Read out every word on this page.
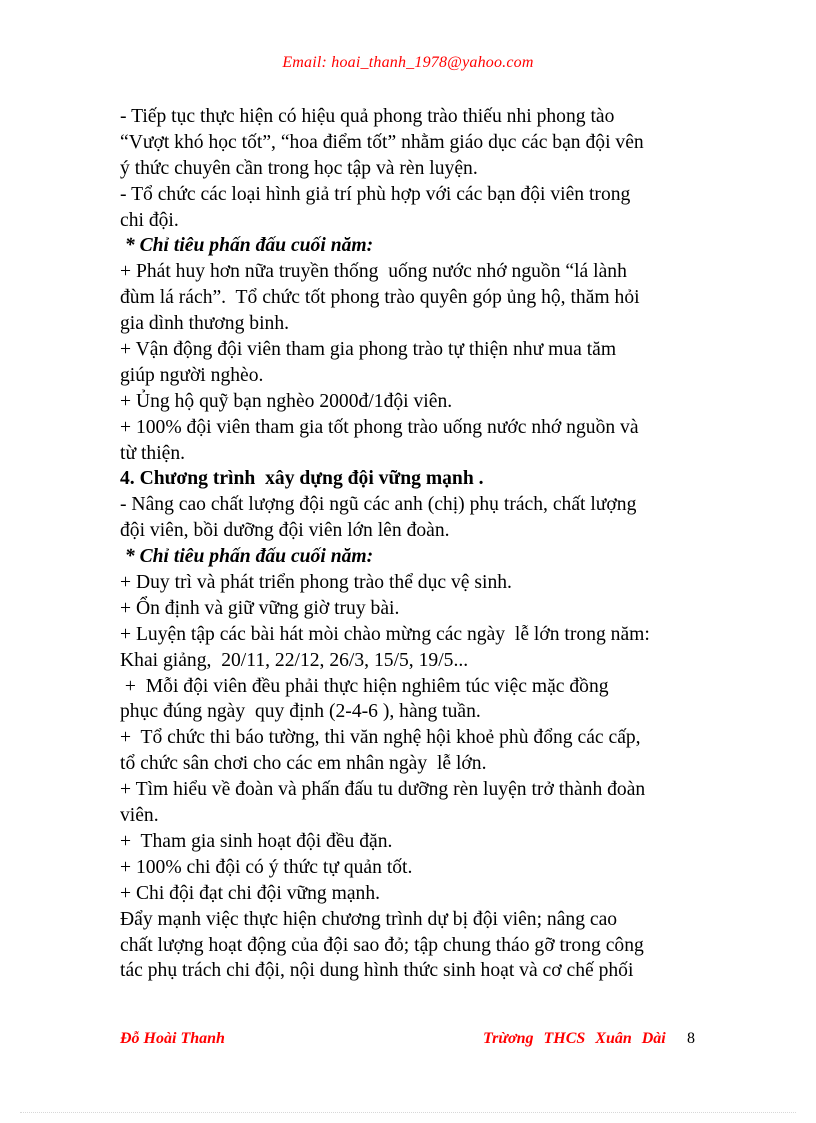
Email: hoai_thanh_1978@yahoo.com
- Tiếp tục thực hiện có hiệu quả phong trào thiếu nhi phong tào
“Vượt khó học tốt”, “hoa điểm tốt” nhằm giáo dục các bạn đội vên
ý thức chuyên cần trong học tập và rèn luyện.
- Tổ chức các loại hình giả trí phù hợp với các bạn đội viên trong
chi đội.
* Chỉ tiêu phấn đấu cuối năm:
+ Phát huy hơn nữa truyền thống  uống nước nhớ nguồn “lá lành
đùm lá rách”.  Tổ chức tốt phong trào quyên góp ủng hộ, thăm hỏi
gia dình thương binh.
+ Vận động đội viên tham gia phong trào tự thiện như mua tăm
giúp người nghèo.
+ Ủng hộ quỹ bạn nghèo 2000đ/1đội viên.
+ 100% đội viên tham gia tốt phong trào uống nước nhớ nguồn và
từ thiện.
4. Chương trình  xây dựng đội vững mạnh .
- Nâng cao chất lượng đội ngũ các anh (chị) phụ trách, chất lượng
đội viên, bồi dưỡng đội viên lớn lên đoàn.
* Chỉ tiêu phấn đấu cuối năm:
+ Duy trì và phát triển phong trào thể dục vệ sinh.
+ Ổn định và giữ vững giờ truy bài.
+ Luyện tập các bài hát mòi chào mừng các ngày  lễ lớn trong năm:
Khai giảng,  20/11, 22/12, 26/3, 15/5, 19/5...
+  Mỗi đội viên đều phải thực hiện nghiêm túc việc mặc đồng
phục đúng ngày  quy định (2-4-6 ), hàng tuần.
+  Tổ chức thi báo tường, thi văn nghệ hội khoẻ phù đổng các cấp,
tổ chức sân chơi cho các em nhân ngày  lễ lớn.
+ Tìm hiểu về đoàn và phấn đấu tu dưỡng rèn luyện trở thành đoàn
viên.
+  Tham gia sinh hoạt đội đều đặn.
+ 100% chi đội có ý thức tự quản tốt.
+ Chi đội đạt chi đội vững mạnh.
Đẩy mạnh việc thực hiện chương trình dự bị đội viên; nâng cao
chất lượng hoạt động của đội sao đỏ; tập chung tháo gỡ trong công
tác phụ trách chi đội, nội dung hình thức sinh hoạt và cơ chế phối
Đỗ Hoài Thanh	Trừơng THCS Xuân Dài 8
